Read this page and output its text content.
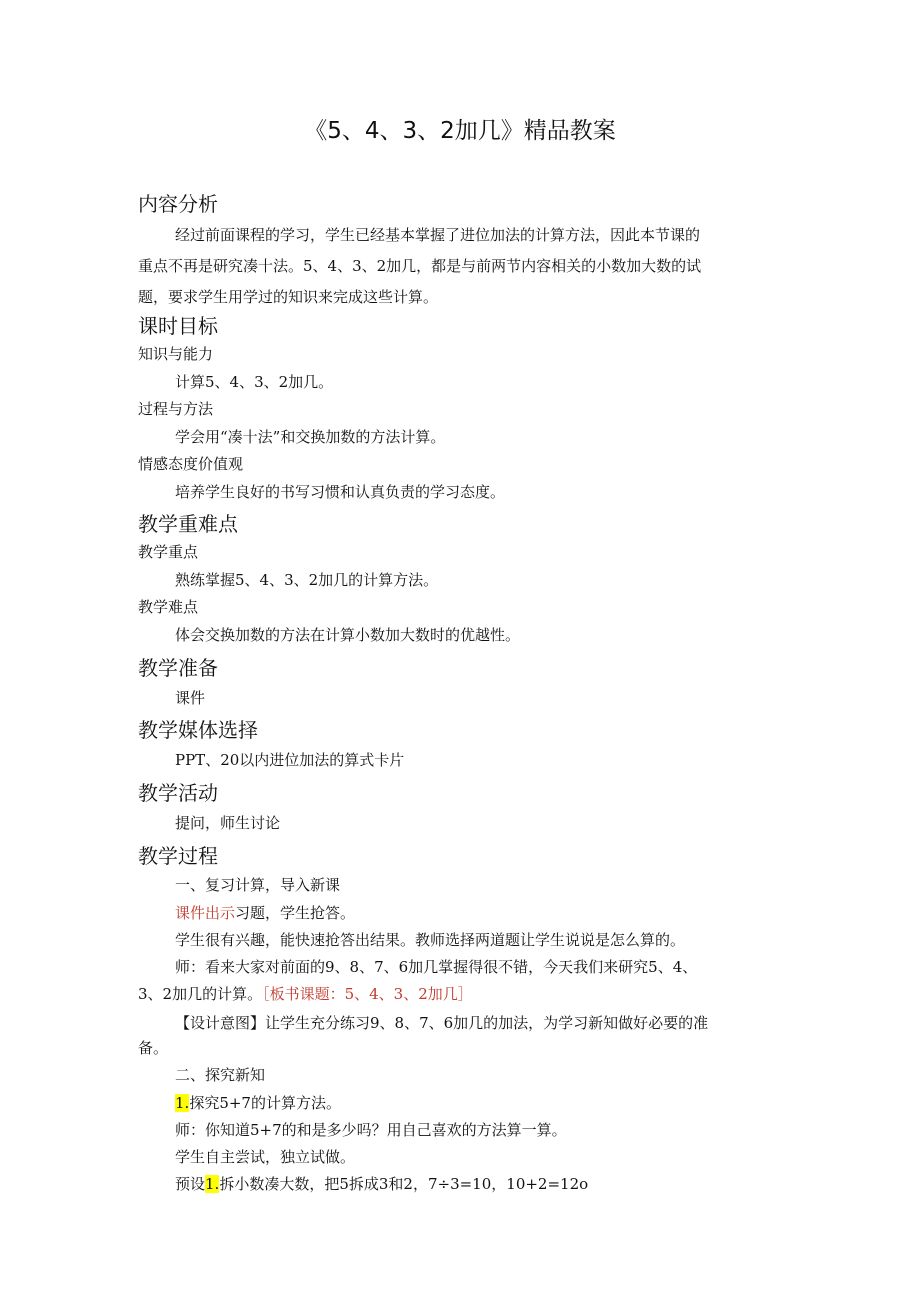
《5、4、3、2加几》精品教案
内容分析
经过前面课程的学习，学生已经基本掌握了进位加法的计算方法，因此本节课的
重点不再是研究凑十法。5、4、3、2加几，都是与前两节内容相关的小数加大数的试
题，要求学生用学过的知识来完成这些计算。
课时目标
知识与能力
计算5、4、3、2加几。
过程与方法
学会用“凑十法”和交换加数的方法计算。
情感态度价值观
培养学生良好的书写习惯和认真负责的学习态度。
教学重难点
教学重点
熟练掌握5、4、3、2加几的计算方法。
教学难点
体会交换加数的方法在计算小数加大数时的优越性。
教学准备
课件
教学媒体选择
PPT、20以内进位加法的算式卡片
教学活动
提问，师生讨论
教学过程
一、复习计算，导入新课
课件出示习题，学生抢答。
学生很有兴趣，能快速抢答出结果。教师选择两道题让学生说说是怎么算的。
师：看来大家对前面的9、8、7、6加几掌握得很不错，今天我们来研究5、4、
3、2加几的计算。［板书课题：5、4、3、2加几］
【设计意图】让学生充分练习9、8、7、6加几的加法，为学习新知做好必要的准
备。
二、探究新知
1.探究5+7的计算方法。
师：你知道5+7的和是多少吗？用自己喜欢的方法算一算。
学生自主尝试，独立试做。
预设1.拆小数凑大数，把5拆成3和2，7÷3=10，10+2=12o
